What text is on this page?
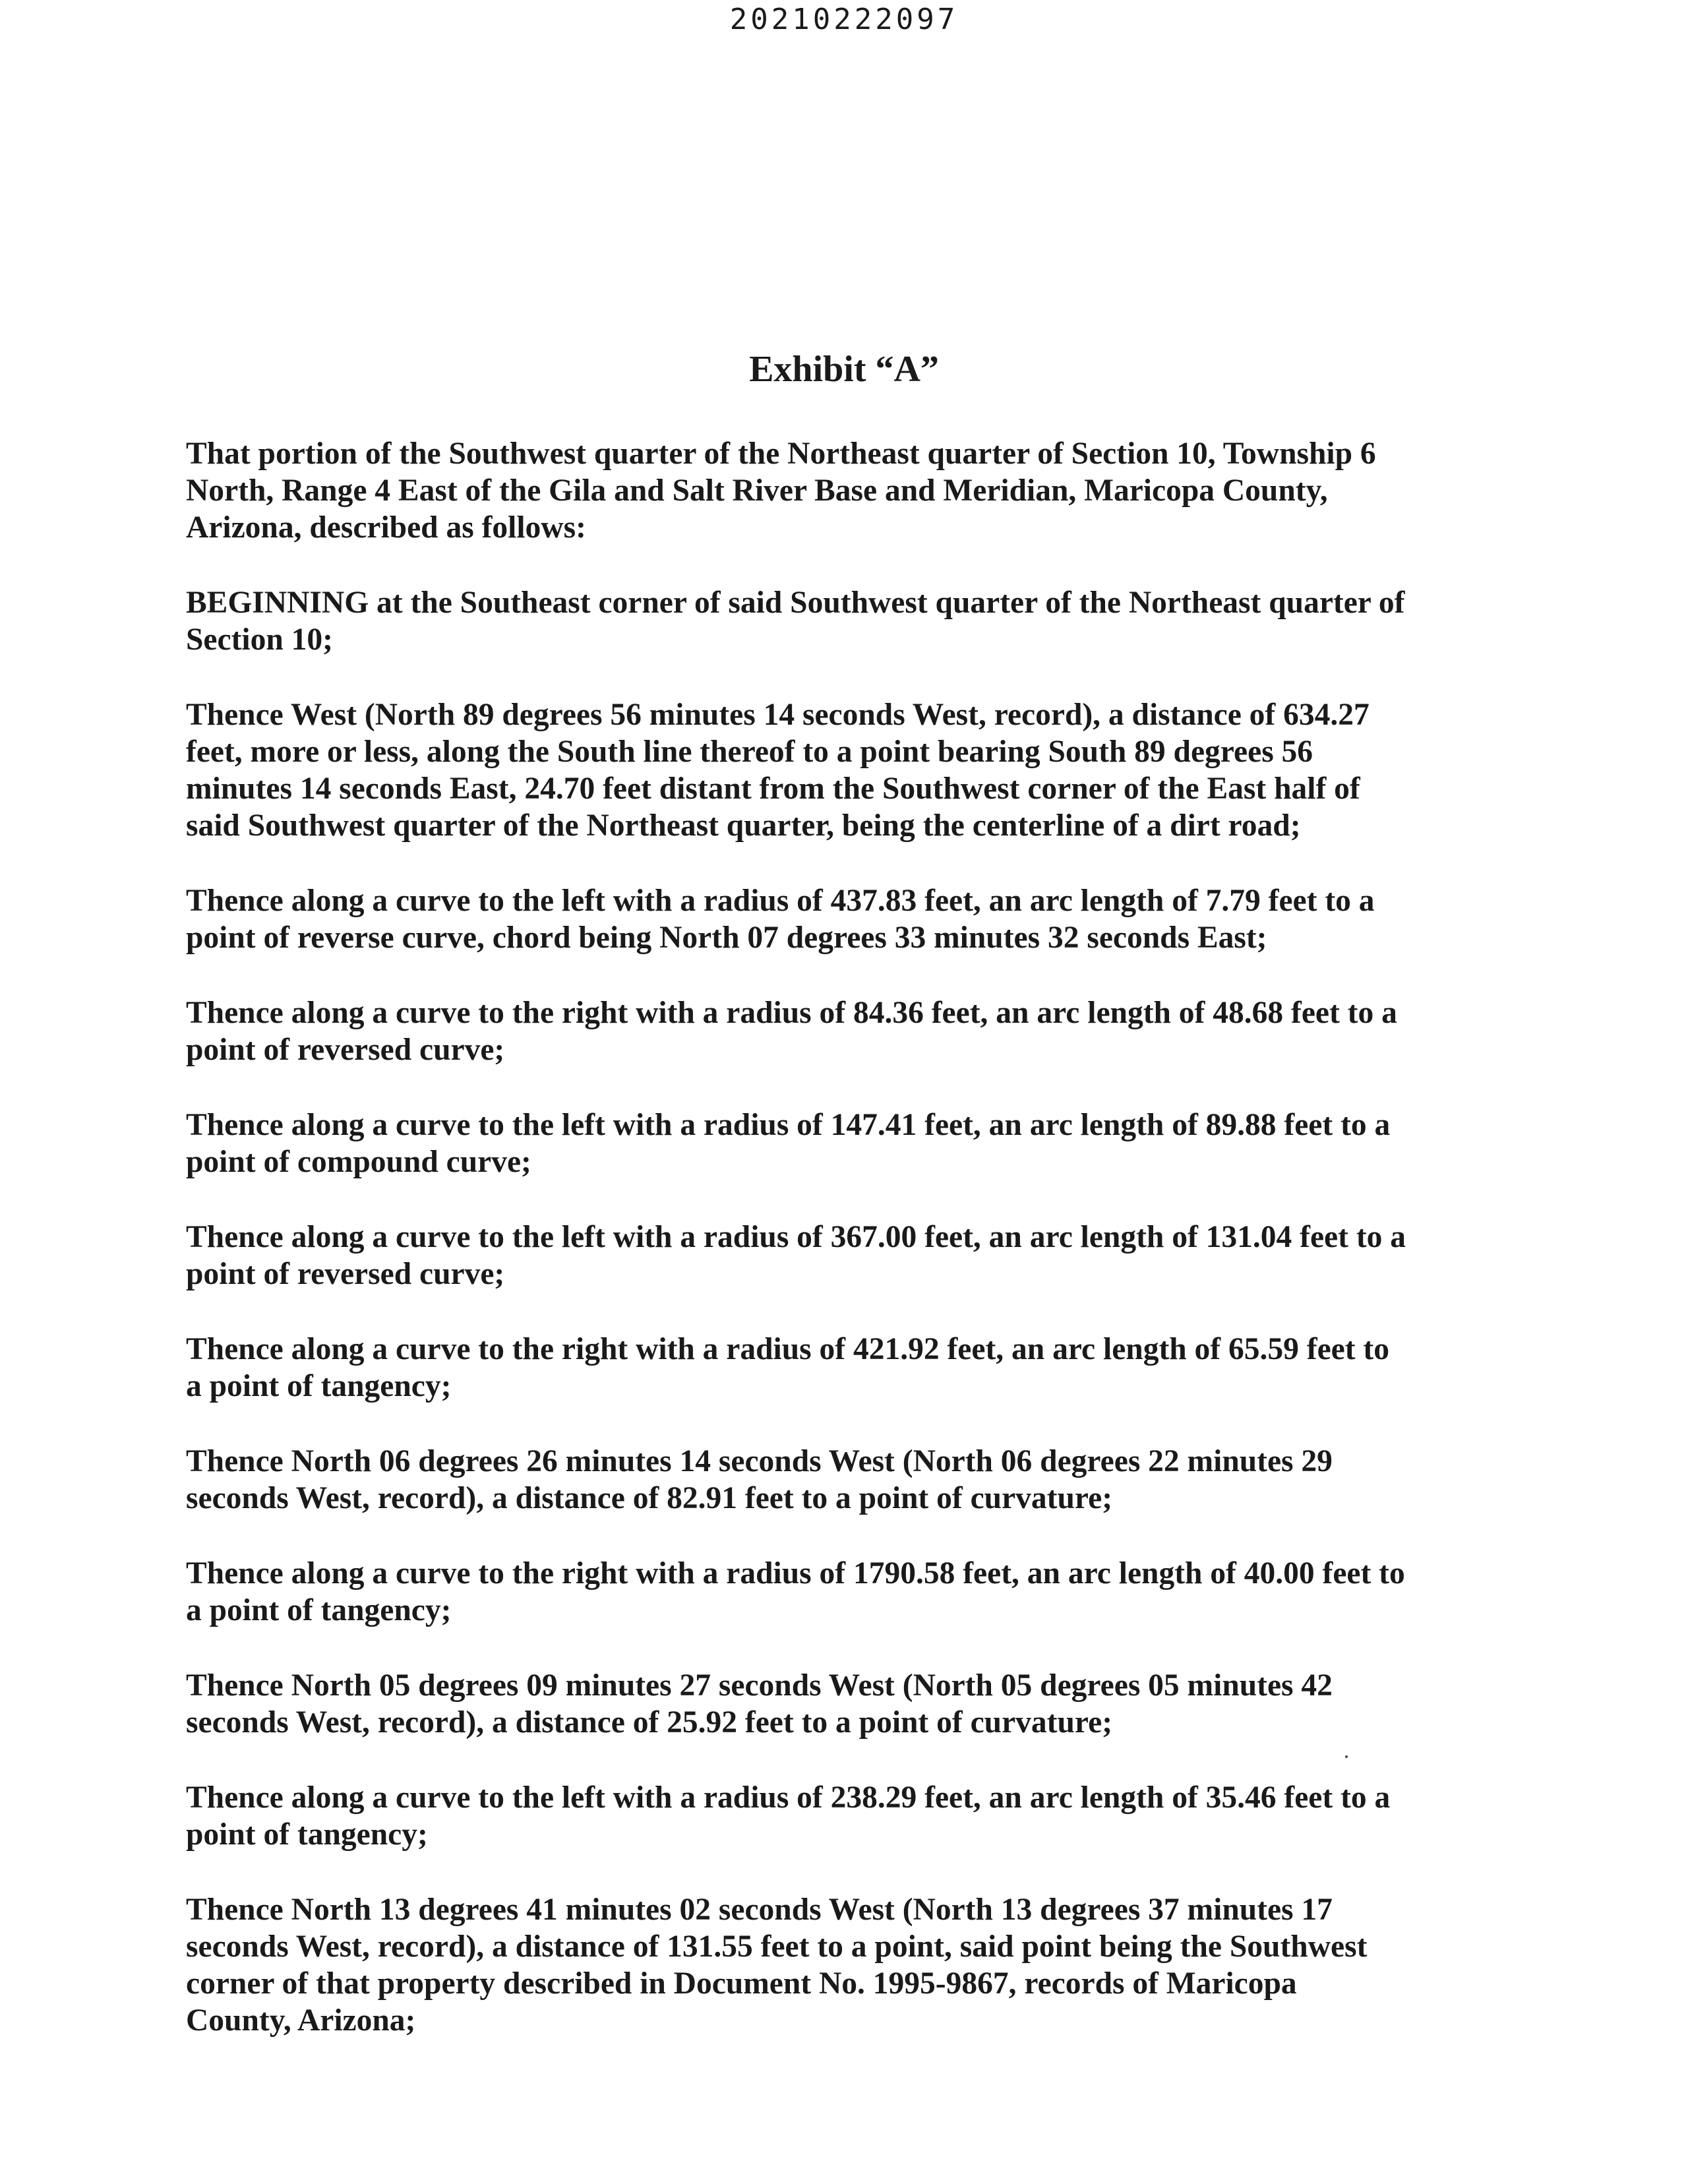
20210222097
Exhibit “A”

That portion of the Southwest quarter of the Northeast quarter of Section 10, Township 6
North, Range 4 East of the Gila and Salt River Base and Meridian, Maricopa County,
Arizona, described as follows:

BEGINNING at the Southeast corner of said Southwest quarter of the Northeast quarter of
Section 10;

Thence West (North 89 degrees 56 minutes 14 seconds West, record), a distance of 634.27
feet, more or less, along the South line thereof to a point bearing South 89 degrees 56
minutes 14 seconds East, 24.70 feet distant from the Southwest corner of the East half of
said Southwest quarter of the Northeast quarter, being the centerline of a dirt road;

Thence along a curve to the left with a radius of 437.83 feet, an arc length of 7.79 feet to a
point of reverse curve, chord being North 07 degrees 33 minutes 32 seconds East;

Thence along a curve to the right with a radius of 84.36 feet, an arc length of 48.68 feet to a
point of reversed curve;

Thence along a curve to the left with a radius of 147.41 feet, an arc length of 89.88 feet to a
point of compound curve;

Thence along a curve to the left with a radius of 367.00 feet, an arc length of 131.04 feet to a
point of reversed curve;

Thence along a curve to the right with a radius of 421.92 feet, an arc length of 65.59 feet to
a point of tangency;

Thence North 06 degrees 26 minutes 14 seconds West (North 06 degrees 22 minutes 29
seconds West, record), a distance of 82.91 feet to a point of curvature;

Thence along a curve to the right with a radius of 1790.58 feet, an arc length of 40.00 feet to
a point of tangency;

Thence North 05 degrees 09 minutes 27 seconds West (North 05 degrees 05 minutes 42
seconds West, record), a distance of 25.92 feet to a point of curvature;

Thence along a curve to the left with a radius of 238.29 feet, an arc length of 35.46 feet to a
point of tangency;

Thence North 13 degrees 41 minutes 02 seconds West (North 13 degrees 37 minutes 17
seconds West, record), a distance of 131.55 feet to a point, said point being the Southwest
corner of that property described in Document No. 1995-9867, records of Maricopa
County, Arizona;
